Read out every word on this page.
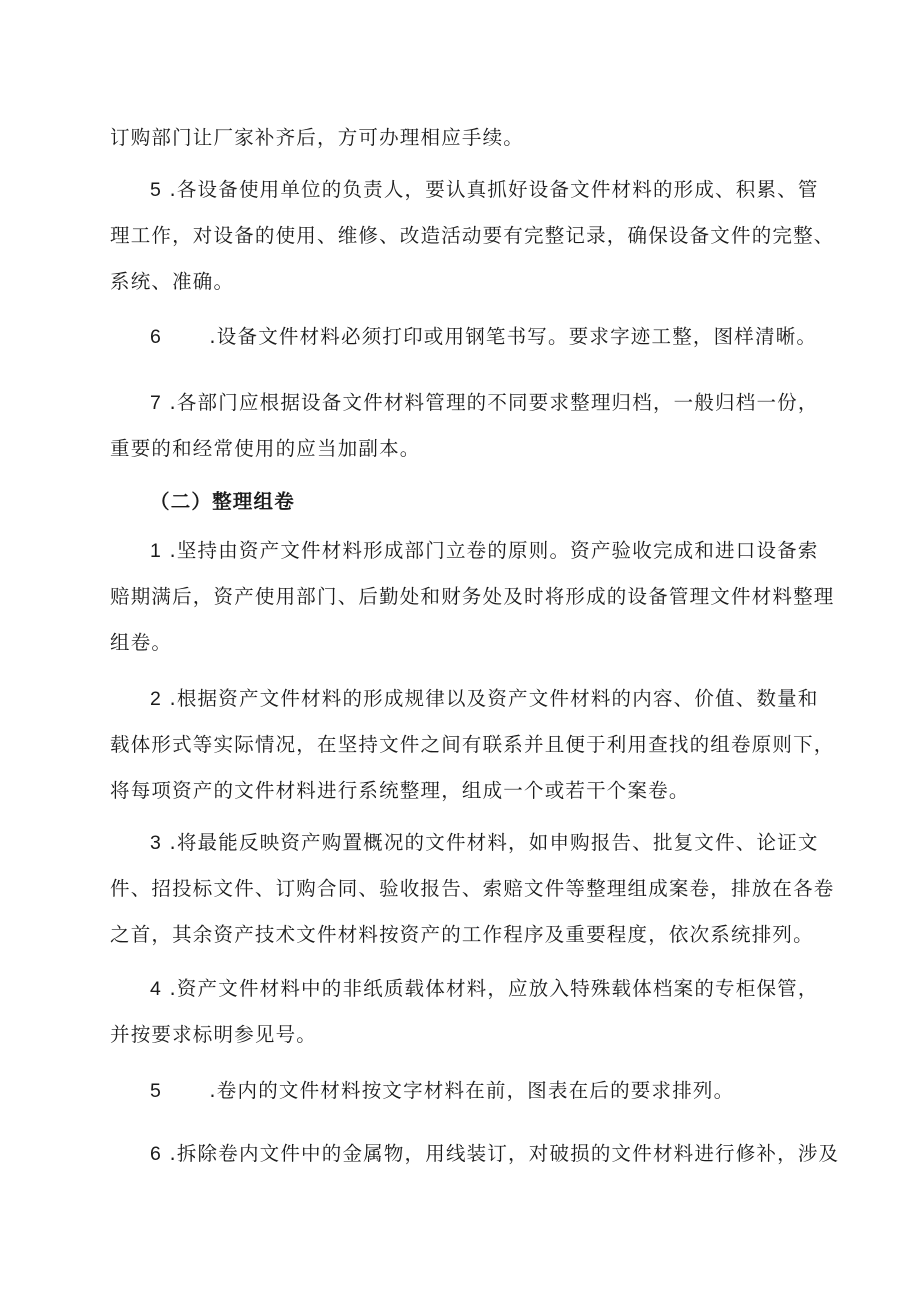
订购部门让厂家补齐后，方可办理相应手续。
5 .各设备使用单位的负责人，要认真抓好设备文件材料的形成、积累、管
理工作，对设备的使用、维修、改造活动要有完整记录，确保设备文件的完整、
系统、准确。
6 .设备文件材料必须打印或用钢笔书写。要求字迹工整，图样清晰。
7 .各部门应根据设备文件材料管理的不同要求整理归档，一般归档一份，
重要的和经常使用的应当加副本。
（二）整理组卷
1 .坚持由资产文件材料形成部门立卷的原则。资产验收完成和进口设备索
赔期满后，资产使用部门、后勤处和财务处及时将形成的设备管理文件材料整理
组卷。
2 .根据资产文件材料的形成规律以及资产文件材料的内容、价值、数量和
载体形式等实际情况，在坚持文件之间有联系并且便于利用查找的组卷原则下，
将每项资产的文件材料进行系统整理，组成一个或若干个案卷。
3 .将最能反映资产购置概况的文件材料，如申购报告、批复文件、论证文
件、招投标文件、订购合同、验收报告、索赔文件等整理组成案卷，排放在各卷
之首，其余资产技术文件材料按资产的工作程序及重要程度，依次系统排列。
4 .资产文件材料中的非纸质载体材料，应放入特殊载体档案的专柜保管，
并按要求标明参见号。
5 .卷内的文件材料按文字材料在前，图表在后的要求排列。
6 .拆除卷内文件中的金属物，用线装订，对破损的文件材料进行修补，涉及
